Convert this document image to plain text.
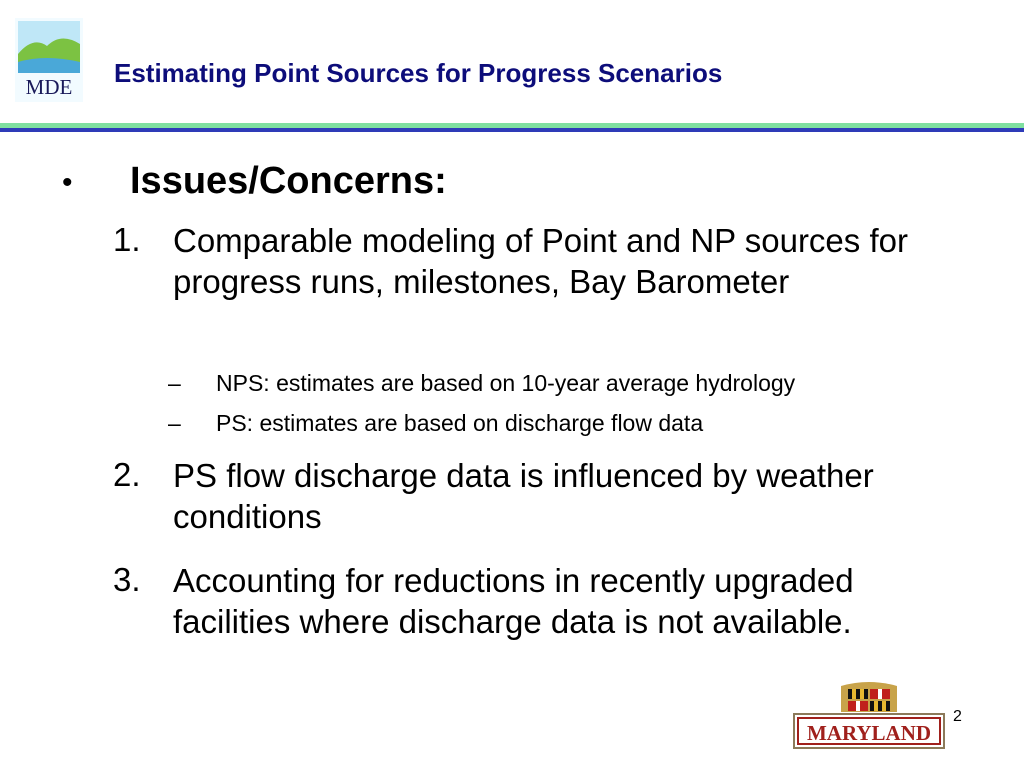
MDE Estimating Point Sources for Progress Scenarios
• Issues/Concerns:
1. Comparable modeling of Point and NP sources for progress runs, milestones, Bay Barometer
– NPS: estimates are based on 10-year average hydrology
– PS: estimates are based on discharge flow data
2. PS flow discharge data is influenced by weather conditions
3. Accounting for reductions in recently upgraded facilities where discharge data is not available.
MARYLAND
2
